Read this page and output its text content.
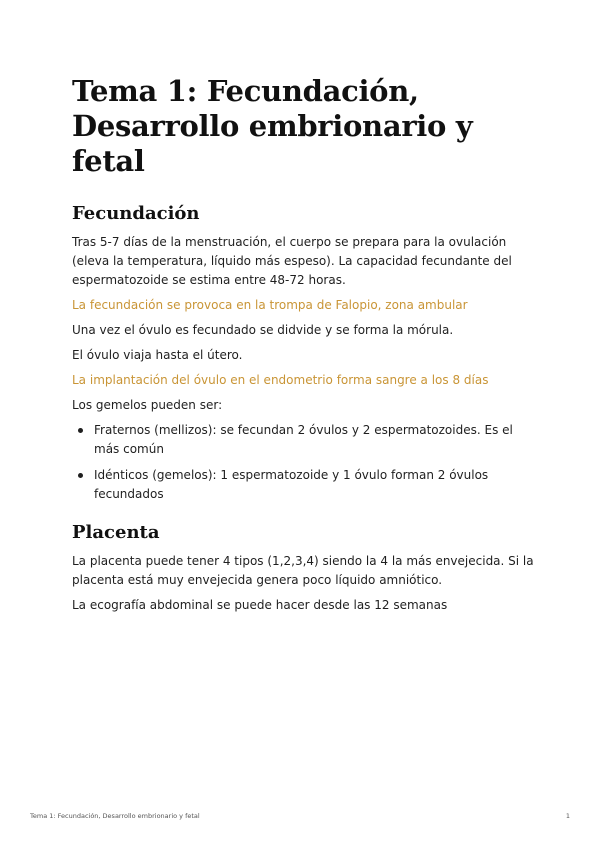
Tema 1: Fecundación, Desarrollo embrionario y fetal
Fecundación

Tras 5-7 días de la menstruación, el cuerpo se prepara para la ovulación (eleva la temperatura, líquido más espeso). La capacidad fecundante del espermatozoide se estima entre 48-72 horas.

La fecundación se provoca en la trompa de Falopio, zona ambular

Una vez el óvulo es fecundado se didvide y se forma la mórula.

El óvulo viaja hasta el útero.

La implantación del óvulo en el endometrio forma sangre a los 8 días

Los gemelos pueden ser:

Fraternos (mellizos): se fecundan 2 óvulos y 2 espermatozoides. Es el más común
Idénticos (gemelos): 1 espermatozoide y 1 óvulo forman 2 óvulos fecundados
Placenta

La placenta puede tener 4 tipos (1,2,3,4) siendo la 4 la más envejecida. Si la placenta está muy envejecida genera poco líquido amniótico.

La ecografía abdominal se puede hacer desde las 12 semanas

Tema 1: Fecundación, Desarrollo embrionario y fetal	1
